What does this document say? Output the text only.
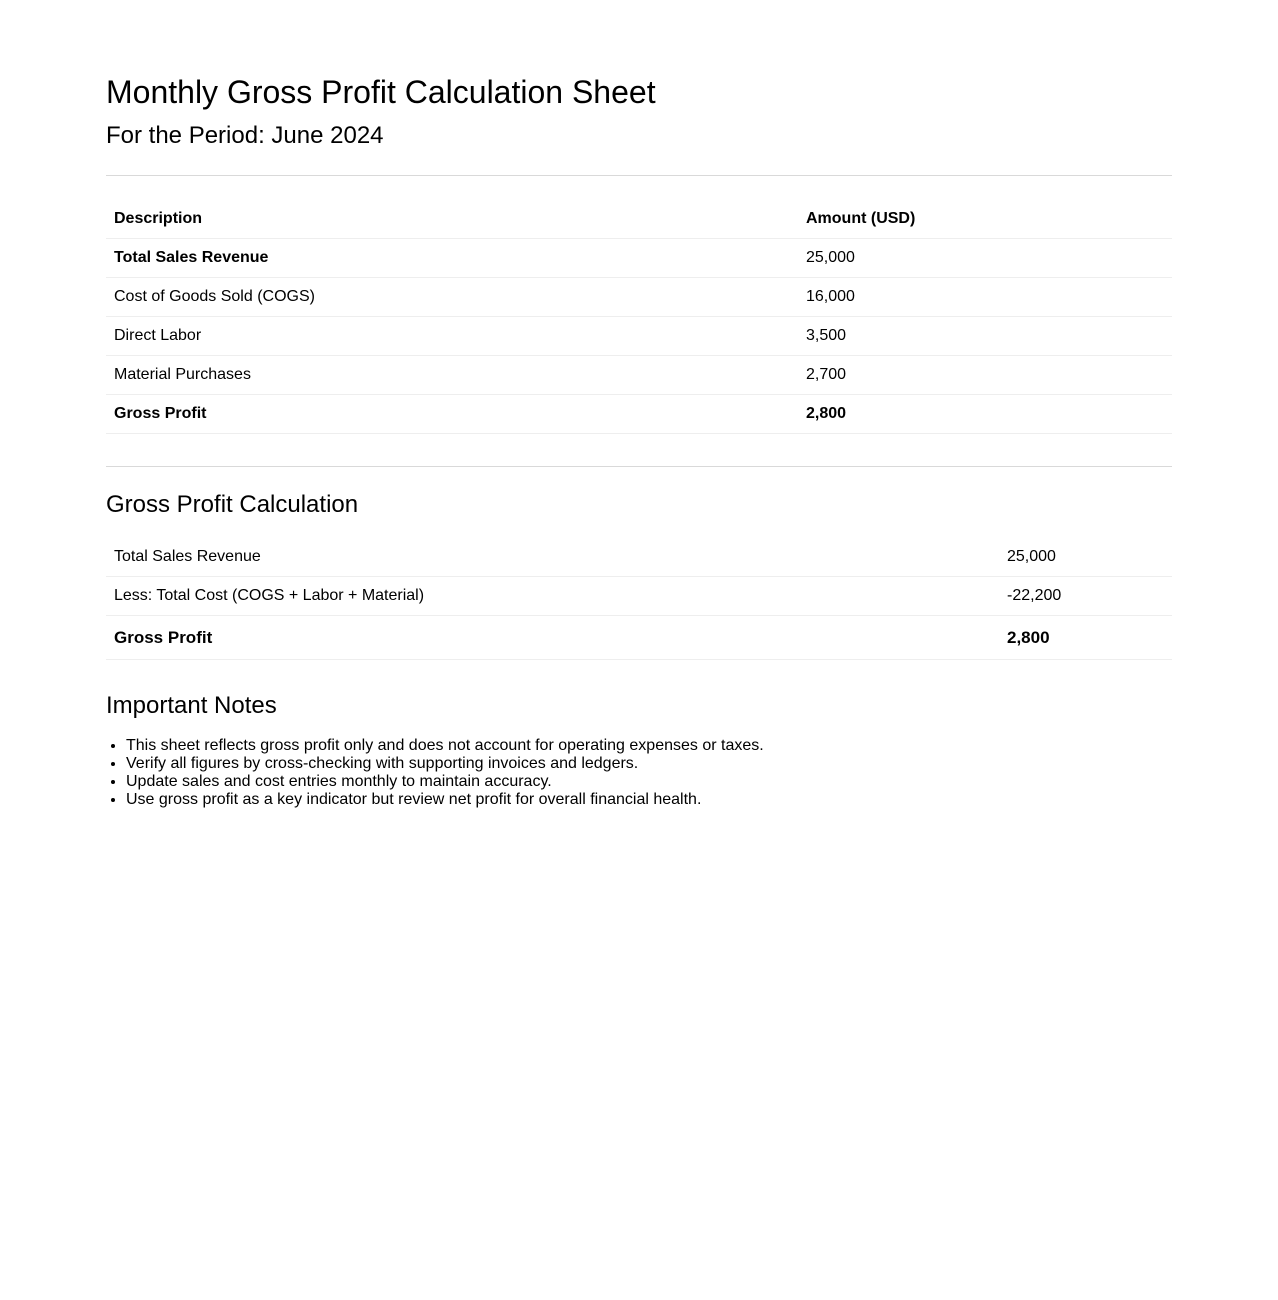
Monthly Gross Profit Calculation Sheet
For the Period: June 2024
Description	Amount (USD)
Total Sales Revenue	25,000
Cost of Goods Sold (COGS)	16,000
Direct Labor	3,500
Material Purchases	2,700
Gross Profit	2,800
Gross Profit Calculation
Total Sales Revenue	25,000
Less: Total Cost (COGS + Labor + Material)	-22,200
Gross Profit	2,800
Important Notes
• This sheet reflects gross profit only and does not account for operating expenses or taxes.
• Verify all figures by cross-checking with supporting invoices and ledgers.
• Update sales and cost entries monthly to maintain accuracy.
• Use gross profit as a key indicator but review net profit for overall financial health.
